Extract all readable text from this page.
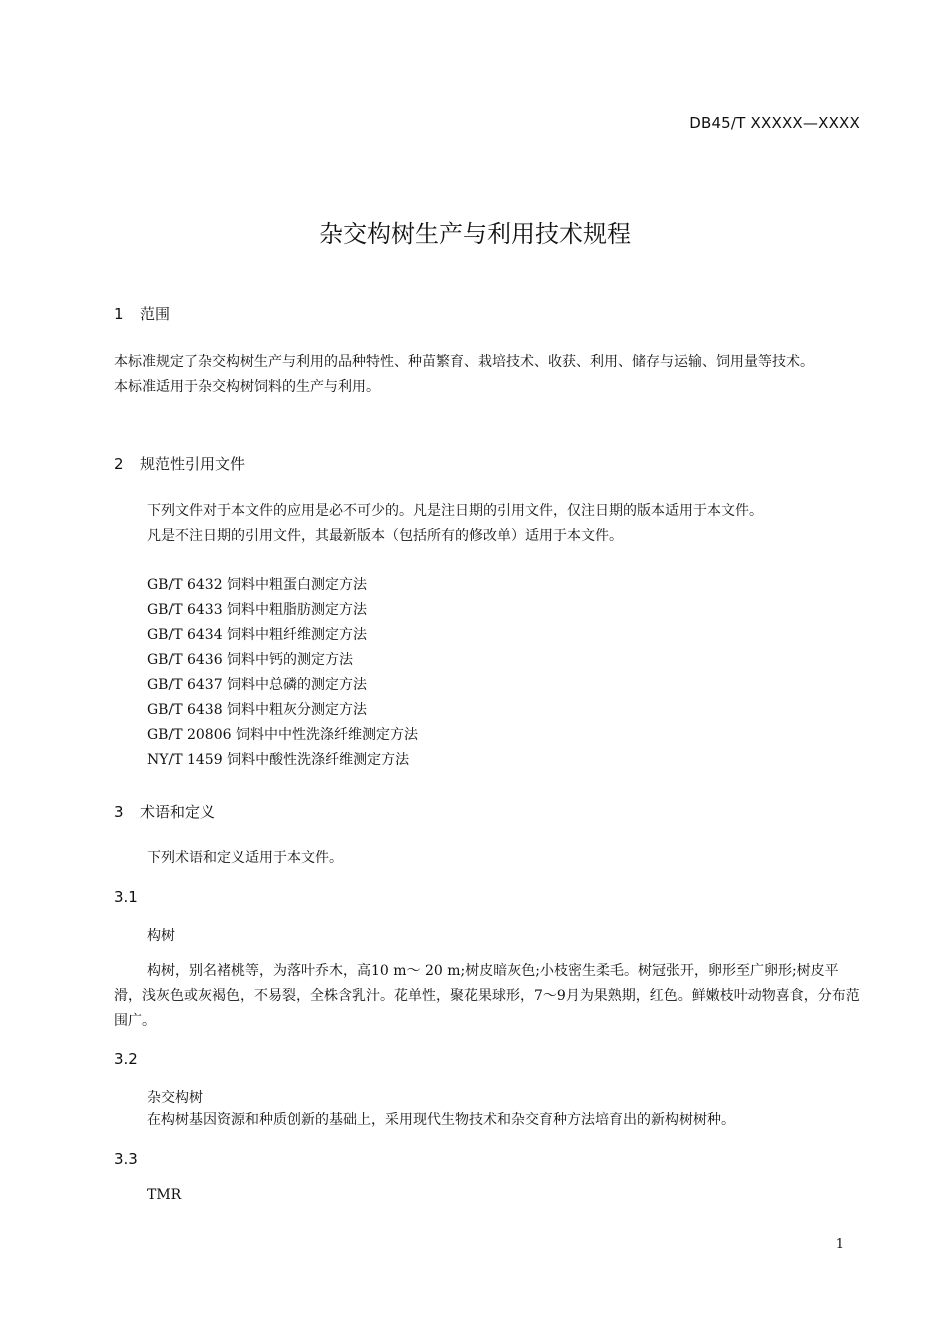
DB45/T XXXXX—XXXX
杂交构树生产与利用技术规程
1 范围

本标准规定了杂交构树生产与利用的品种特性、种苗繁育、栽培技术、收获、利用、储存与运输、饲用量等技术。

本标准适用于杂交构树饲料的生产与利用。

2 规范性引用文件

下列文件对于本文件的应用是必不可少的。凡是注日期的引用文件，仅注日期的版本适用于本文件。

凡是不注日期的引用文件，其最新版本（包括所有的修改单）适用于本文件。

GB/T 6432 饲料中粗蛋白测定方法
GB/T 6433 饲料中粗脂肪测定方法
GB/T 6434 饲料中粗纤维测定方法
GB/T 6436 饲料中钙的测定方法
GB/T 6437 饲料中总磷的测定方法
GB/T 6438 饲料中粗灰分测定方法
GB/T 20806 饲料中中性洗涤纤维测定方法
NY/T 1459 饲料中酸性洗涤纤维测定方法
3 术语和定义

下列术语和定义适用于本文件。

3.1
构树

构树，别名褚桃等，为落叶乔木，高10 m～ 20 m;树皮暗灰色;小枝密生柔毛。树冠张开，卵形至广卵形;树皮平滑，浅灰色或灰褐色，不易裂，全株含乳汁。花单性，聚花果球形，7～9月为果熟期，红色。鲜嫩枝叶动物喜食，分布范围广。

3.2
杂交构树

在构树基因资源和种质创新的基础上，采用现代生物技术和杂交育种方法培育出的新构树树种。

3.3
TMR
1
